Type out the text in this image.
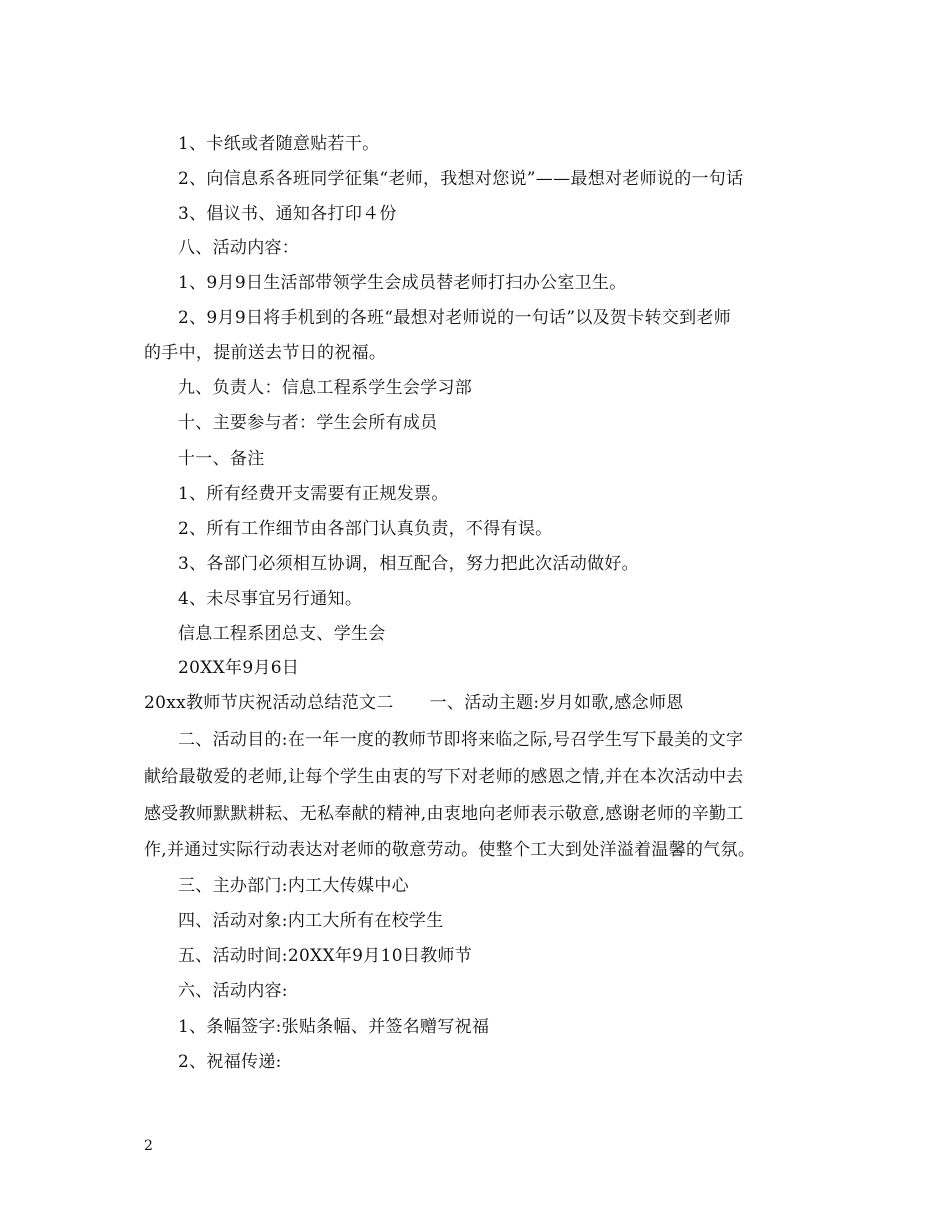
1、卡纸或者随意贴若干。
2、向信息系各班同学征集“老师，我想对您说”——最想对老师说的一句话
3、倡议书、通知各打印４份
八、活动内容：
1、9月9日生活部带领学生会成员替老师打扫办公室卫生。
2、9月9日将手机到的各班“最想对老师说的一句话”以及贺卡转交到老师
的手中，提前送去节日的祝福。
九、负责人：信息工程系学生会学习部
十、主要参与者：学生会所有成员
十一、备注
1、所有经费开支需要有正规发票。
2、所有工作细节由各部门认真负责，不得有误。
3、各部门必须相互协调，相互配合，努力把此次活动做好。
4、未尽事宜另行通知。
信息工程系团总支、学生会
20XX年9月6日
20xx教师节庆祝活动总结范文二 一、活动主题:岁月如歌,感念师恩
二、活动目的:在一年一度的教师节即将来临之际,号召学生写下最美的文字
献给最敬爱的老师,让每个学生由衷的写下对老师的感恩之情,并在本次活动中去
感受教师默默耕耘、无私奉献的精神,由衷地向老师表示敬意,感谢老师的辛勤工
作,并通过实际行动表达对老师的敬意劳动。使整个工大到处洋溢着温馨的气氛。
三、主办部门:内工大传媒中心
四、活动对象:内工大所有在校学生
五、活动时间:20XX年9月10日教师节
六、活动内容:
1、条幅签字:张贴条幅、并签名赠写祝福
2、祝福传递:
2
